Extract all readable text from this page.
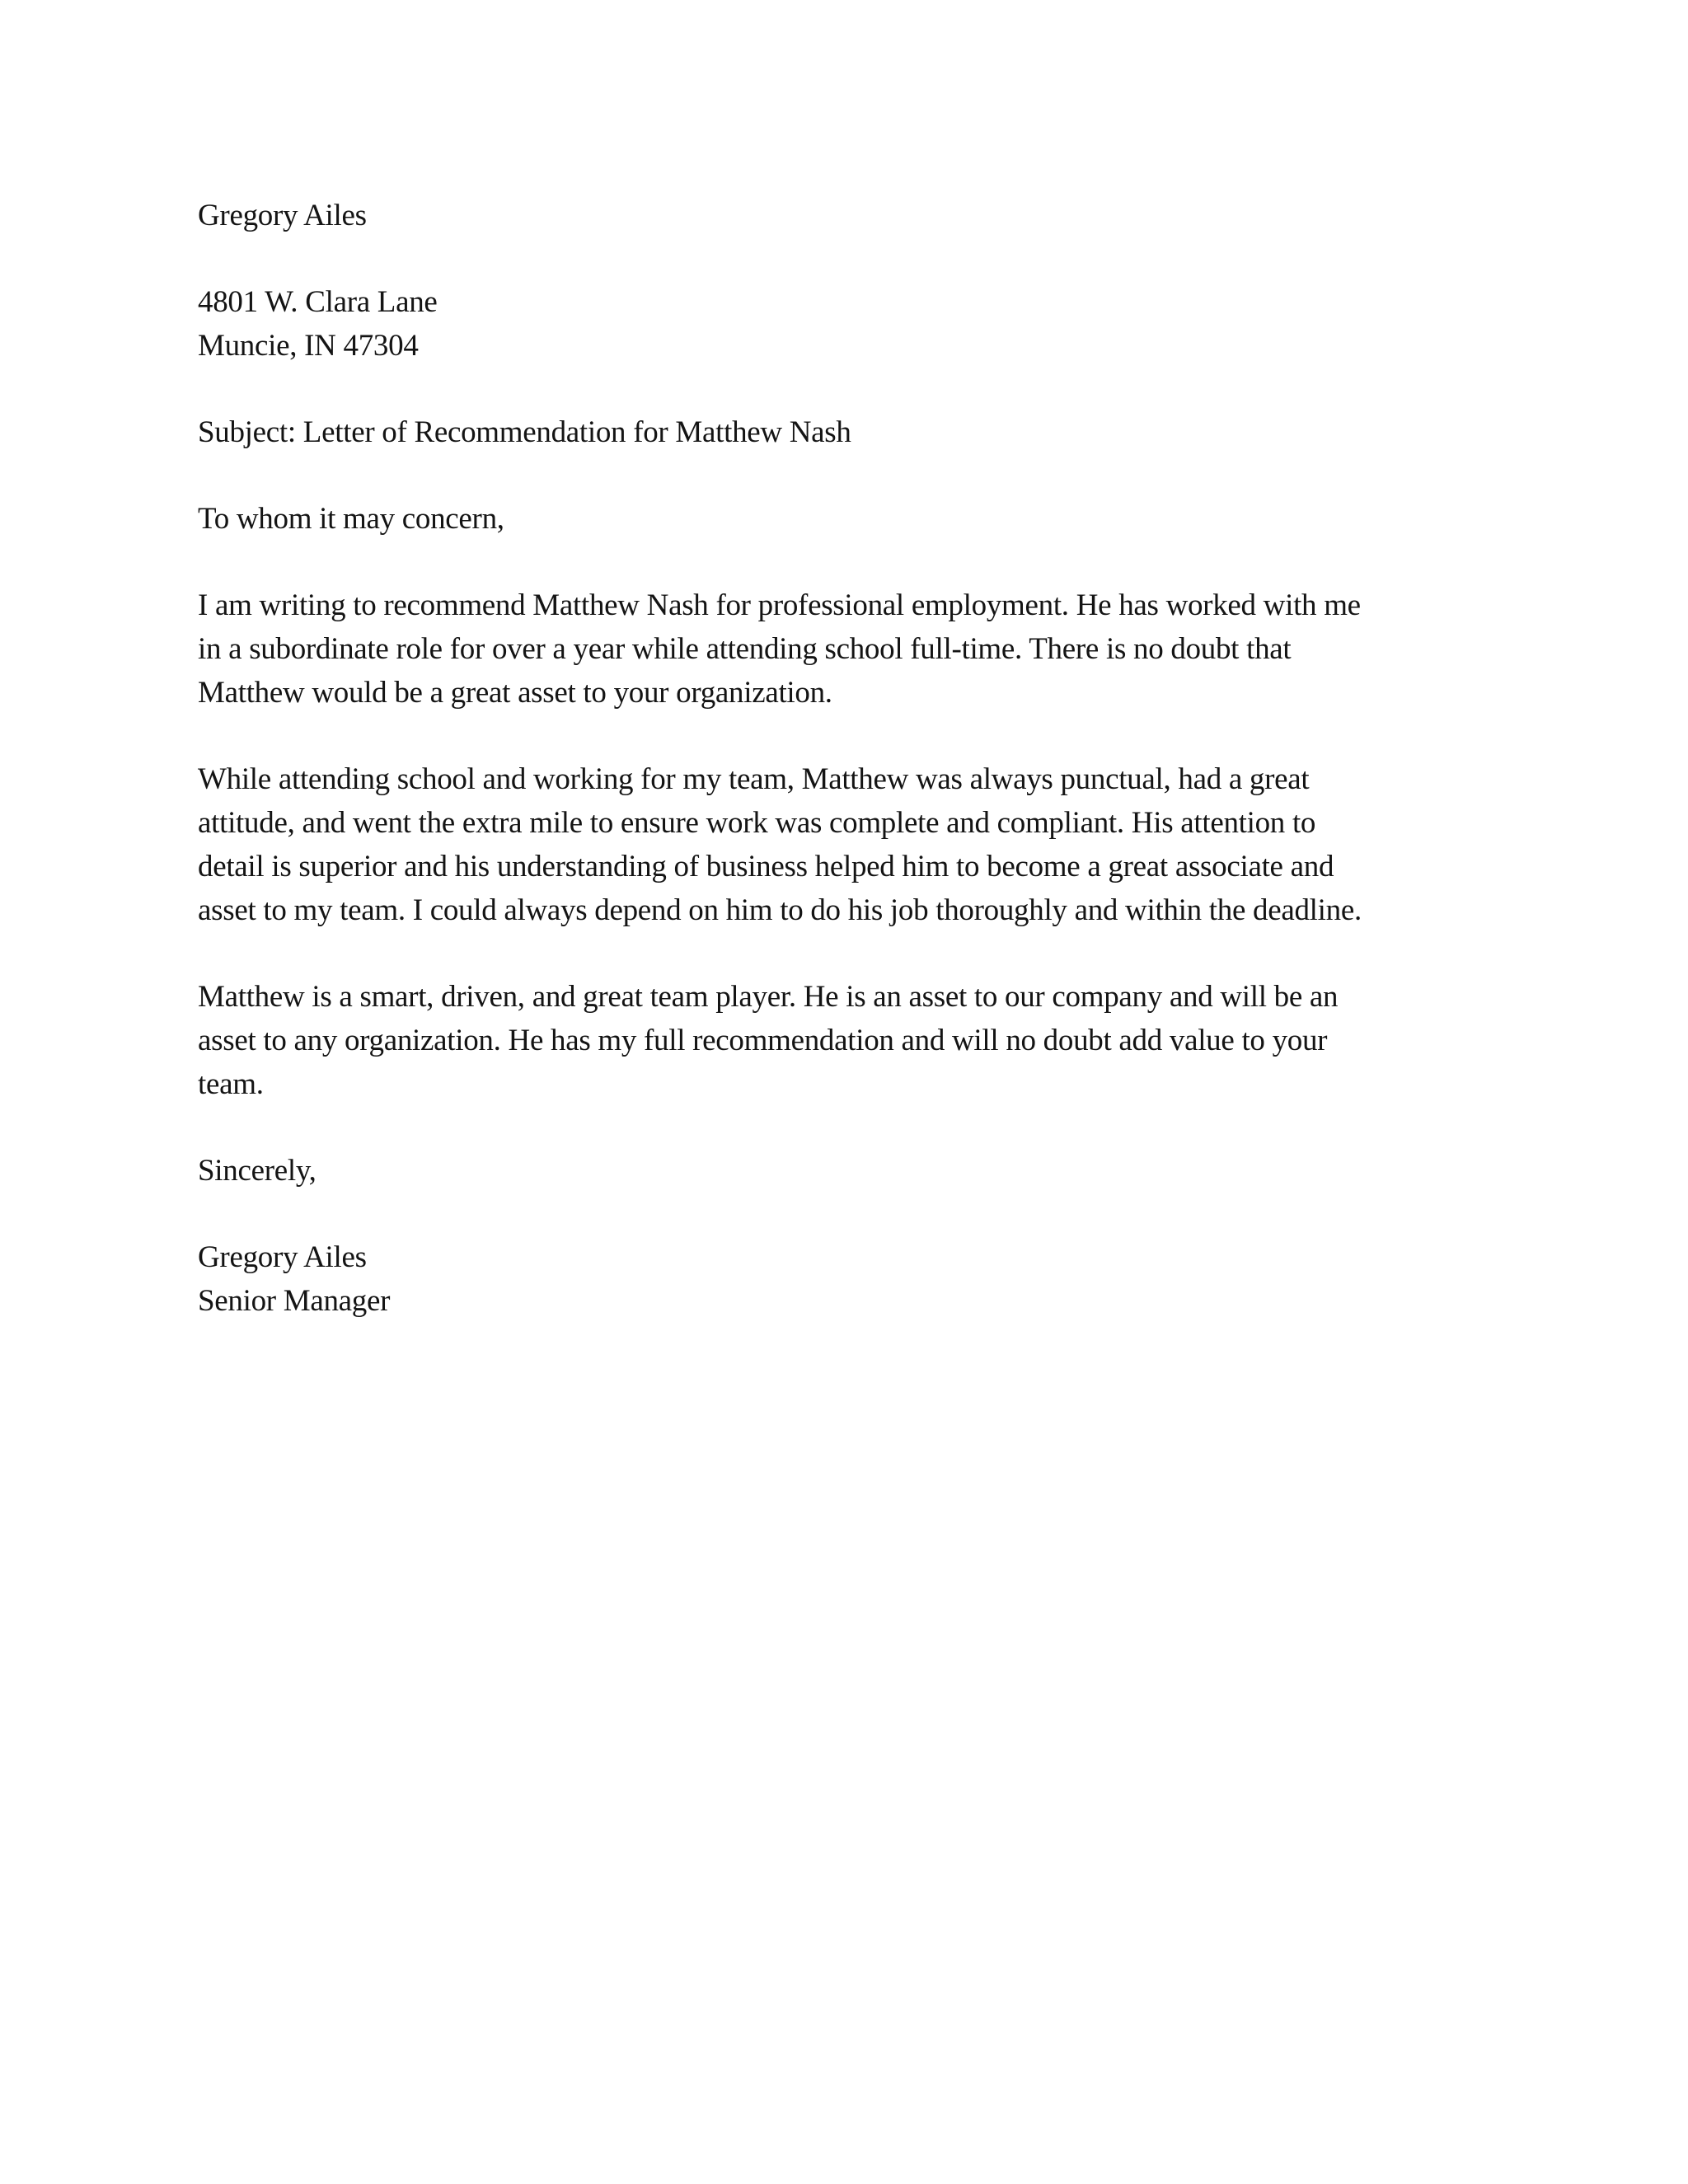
Gregory Ailes
4801 W. Clara Lane
Muncie, IN 47304
Subject: Letter of Recommendation for Matthew Nash
To whom it may concern,
I am writing to recommend Matthew Nash for professional employment. He has worked with me
in a subordinate role for over a year while attending school full-time. There is no doubt that
Matthew would be a great asset to your organization.
While attending school and working for my team, Matthew was always punctual, had a great
attitude, and went the extra mile to ensure work was complete and compliant. His attention to
detail is superior and his understanding of business helped him to become a great associate and
asset to my team. I could always depend on him to do his job thoroughly and within the deadline.
Matthew is a smart, driven, and great team player. He is an asset to our company and will be an
asset to any organization. He has my full recommendation and will no doubt add value to your
team.
Sincerely,
Gregory Ailes
Senior Manager
